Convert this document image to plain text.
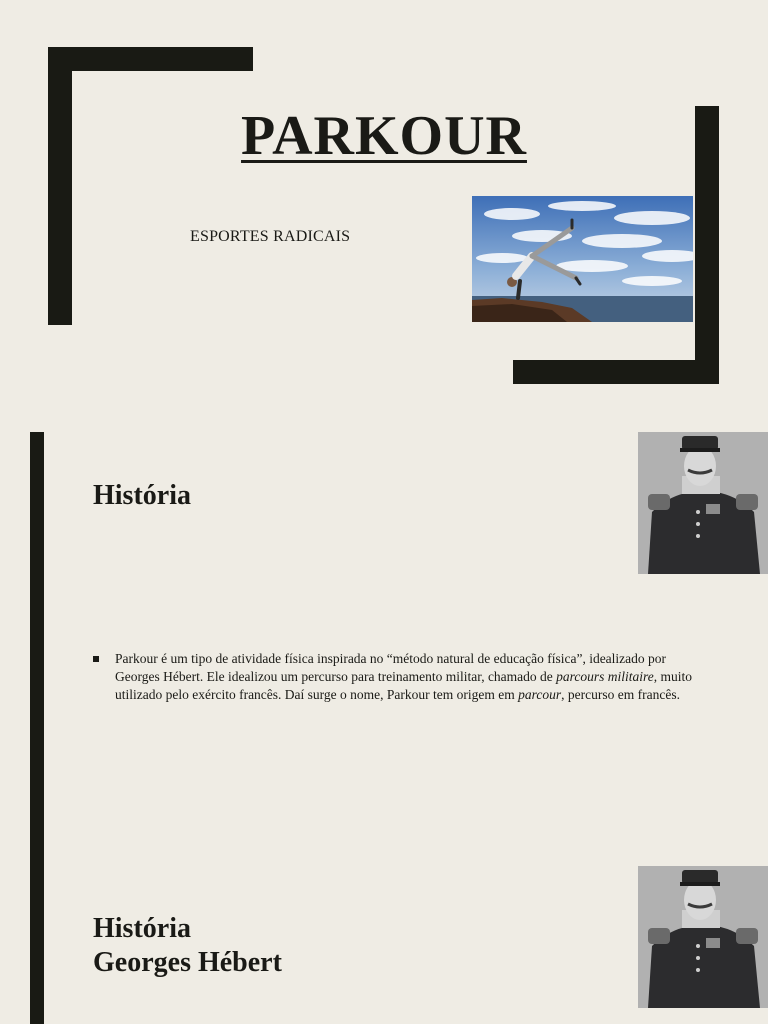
PARKOUR
ESPORTES RADICAIS
História
Parkour é um tipo de atividade física inspirada no “método natural de educação física”, idealizado por Georges Hébert. Ele idealizou um percurso para treinamento militar, chamado de parcours militaire, muito utilizado pelo exército francês. Daí surge o nome, Parkour tem origem em parcour, percurso em francês.
História
Georges Hébert
